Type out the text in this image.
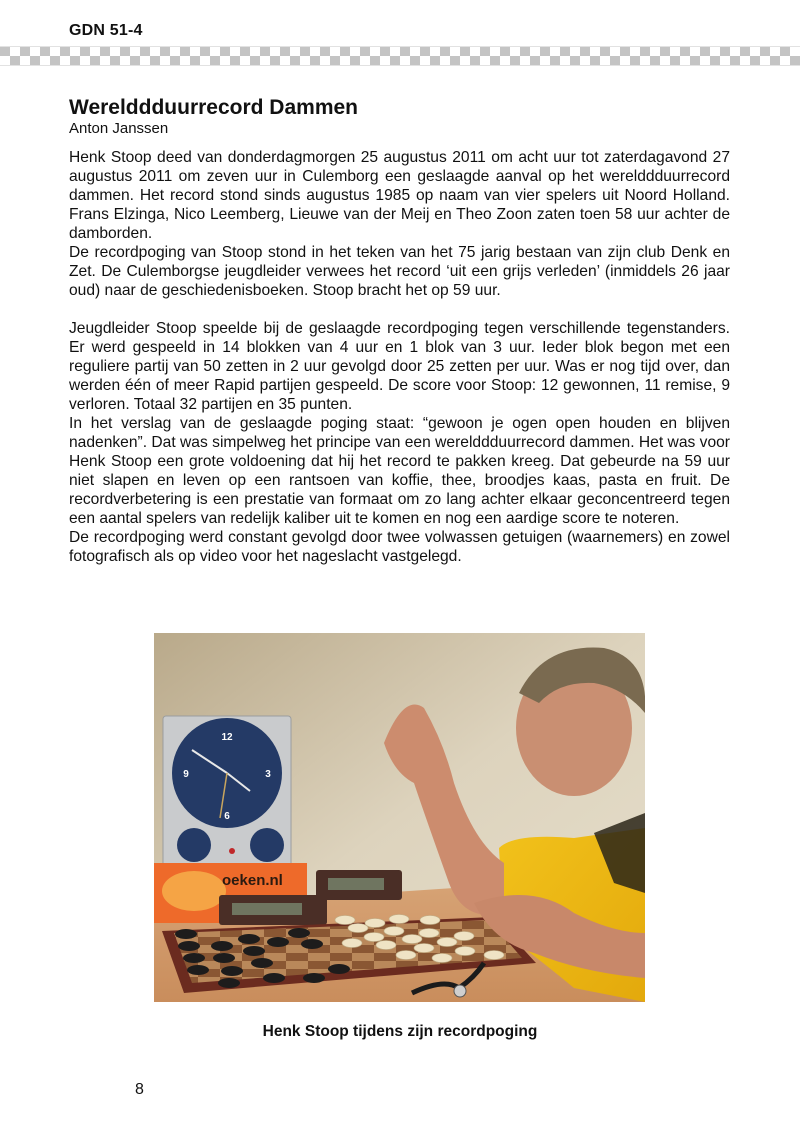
GDN 51-4
Werelddduurrecord Dammen

Anton Janssen

Henk Stoop deed van donderdagmorgen 25 augustus 2011 om acht uur tot zaterdagavond 27 augustus 2011 om zeven uur in Culemborg een geslaagde aanval op het werelddduurrecord dammen. Het record stond sinds augustus 1985 op naam van vier spelers uit Noord Holland. Frans Elzinga, Nico Leemberg, Lieuwe van der Meij en Theo Zoon zaten toen 58 uur achter de damborden.

De recordpoging van Stoop stond in het teken van het 75 jarig bestaan van zijn club Denk en Zet. De Culemborgse jeugdleider verwees het record ‘uit een grijs verleden’ (inmiddels 26 jaar oud) naar de geschiedenisboeken. Stoop bracht het op 59 uur.

Jeugdleider Stoop speelde bij de geslaagde recordpoging tegen verschillende tegenstanders. Er werd gespeeld in 14 blokken van 4 uur en 1 blok van 3 uur. Ieder blok begon met een reguliere partij van 50 zetten in 2 uur gevolgd door 25 zetten per uur. Was er nog tijd over, dan werden één of meer Rapid partijen gespeeld. De score voor Stoop: 12 gewonnen, 11 remise, 9 verloren. Totaal 32 partijen en 35 punten.

In het verslag van de geslaagde poging staat: “gewoon je ogen open houden en blijven nadenken”. Dat was simpelweg het principe van een werelddduurrecord dammen. Het was voor Henk Stoop een grote voldoening dat hij het record te pakken kreeg. Dat gebeurde na 59 uur niet slapen en leven op een rantsoen van koffie, thee, broodjes kaas, pasta en fruit. De recordverbetering is een prestatie van formaat om zo lang achter elkaar geconcentreerd tegen een aantal spelers van redelijk kaliber uit te komen en nog een aardige score te noteren.

De recordpoging werd constant gevolgd door twee volwassen getuigen (waarnemers) en zowel fotografisch als op video voor het nageslacht vastgelegd.

12
6
3
9
oeken.nl
Henk Stoop tijdens zijn recordpoging
8
